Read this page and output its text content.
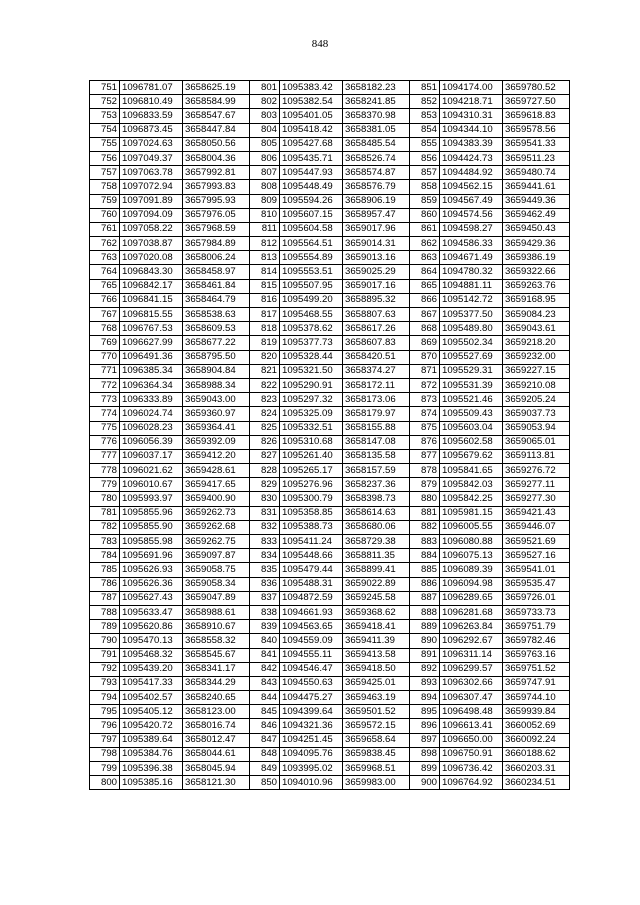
848
751	1096781.07	3658625.19	801	1095383.42	3658182.23	851	1094174.00	3659780.52
752	1096810.49	3658584.99	802	1095382.54	3658241.85	852	1094218.71	3659727.50
753	1096833.59	3658547.67	803	1095401.05	3658370.98	853	1094310.31	3659618.83
754	1096873.45	3658447.84	804	1095418.42	3658381.05	854	1094344.10	3659578.56
755	1097024.63	3658050.56	805	1095427.68	3658485.54	855	1094383.39	3659541.33
756	1097049.37	3658004.36	806	1095435.71	3658526.74	856	1094424.73	3659511.23
757	1097063.78	3657992.81	807	1095447.93	3658574.87	857	1094484.92	3659480.74
758	1097072.94	3657993.83	808	1095448.49	3658576.79	858	1094562.15	3659441.61
759	1097091.89	3657995.93	809	1095594.26	3658906.19	859	1094567.49	3659449.36
760	1097094.09	3657976.05	810	1095607.15	3658957.47	860	1094574.56	3659462.49
761	1097058.22	3657968.59	811	1095604.58	3659017.96	861	1094598.27	3659450.43
762	1097038.87	3657984.89	812	1095564.51	3659014.31	862	1094586.33	3659429.36
763	1097020.08	3658006.24	813	1095554.89	3659013.16	863	1094671.49	3659386.19
764	1096843.30	3658458.97	814	1095553.51	3659025.29	864	1094780.32	3659322.66
765	1096842.17	3658461.84	815	1095507.95	3659017.16	865	1094881.11	3659263.76
766	1096841.15	3658464.79	816	1095499.20	3658895.32	866	1095142.72	3659168.95
767	1096815.55	3658538.63	817	1095468.55	3658807.63	867	1095377.50	3659084.23
768	1096767.53	3658609.53	818	1095378.62	3658617.26	868	1095489.80	3659043.61
769	1096627.99	3658677.22	819	1095377.73	3658607.83	869	1095502.34	3659218.20
770	1096491.36	3658795.50	820	1095328.44	3658420.51	870	1095527.69	3659232.00
771	1096385.34	3658904.84	821	1095321.50	3658374.27	871	1095529.31	3659227.15
772	1096364.34	3658988.34	822	1095290.91	3658172.11	872	1095531.39	3659210.08
773	1096333.89	3659043.00	823	1095297.32	3658173.06	873	1095521.46	3659205.24
774	1096024.74	3659360.97	824	1095325.09	3658179.97	874	1095509.43	3659037.73
775	1096028.23	3659364.41	825	1095332.51	3658155.88	875	1095603.04	3659053.94
776	1096056.39	3659392.09	826	1095310.68	3658147.08	876	1095602.58	3659065.01
777	1096037.17	3659412.20	827	1095261.40	3658135.58	877	1095679.62	3659113.81
778	1096021.62	3659428.61	828	1095265.17	3658157.59	878	1095841.65	3659276.72
779	1096010.67	3659417.65	829	1095276.96	3658237.36	879	1095842.03	3659277.11
780	1095993.97	3659400.90	830	1095300.79	3658398.73	880	1095842.25	3659277.30
781	1095855.96	3659262.73	831	1095358.85	3658614.63	881	1095981.15	3659421.43
782	1095855.90	3659262.68	832	1095388.73	3658680.06	882	1096005.55	3659446.07
783	1095855.98	3659262.75	833	1095411.24	3658729.38	883	1096080.88	3659521.69
784	1095691.96	3659097.87	834	1095448.66	3658811.35	884	1096075.13	3659527.16
785	1095626.93	3659058.75	835	1095479.44	3658899.41	885	1096089.39	3659541.01
786	1095626.36	3659058.34	836	1095488.31	3659022.89	886	1096094.98	3659535.47
787	1095627.43	3659047.89	837	1094872.59	3659245.58	887	1096289.65	3659726.01
788	1095633.47	3658988.61	838	1094661.93	3659368.62	888	1096281.68	3659733.73
789	1095620.86	3658910.67	839	1094563.65	3659418.41	889	1096263.84	3659751.79
790	1095470.13	3658558.32	840	1094559.09	3659411.39	890	1096292.67	3659782.46
791	1095468.32	3658545.67	841	1094555.11	3659413.58	891	1096311.14	3659763.16
792	1095439.20	3658341.17	842	1094546.47	3659418.50	892	1096299.57	3659751.52
793	1095417.33	3658344.29	843	1094550.63	3659425.01	893	1096302.66	3659747.91
794	1095402.57	3658240.65	844	1094475.27	3659463.19	894	1096307.47	3659744.10
795	1095405.12	3658123.00	845	1094399.64	3659501.52	895	1096498.48	3659939.84
796	1095420.72	3658016.74	846	1094321.36	3659572.15	896	1096613.41	3660052.69
797	1095389.64	3658012.47	847	1094251.45	3659658.64	897	1096650.00	3660092.24
798	1095384.76	3658044.61	848	1094095.76	3659838.45	898	1096750.91	3660188.62
799	1095396.38	3658045.94	849	1093995.02	3659968.51	899	1096736.42	3660203.31
800	1095385.16	3658121.30	850	1094010.96	3659983.00	900	1096764.92	3660234.51
